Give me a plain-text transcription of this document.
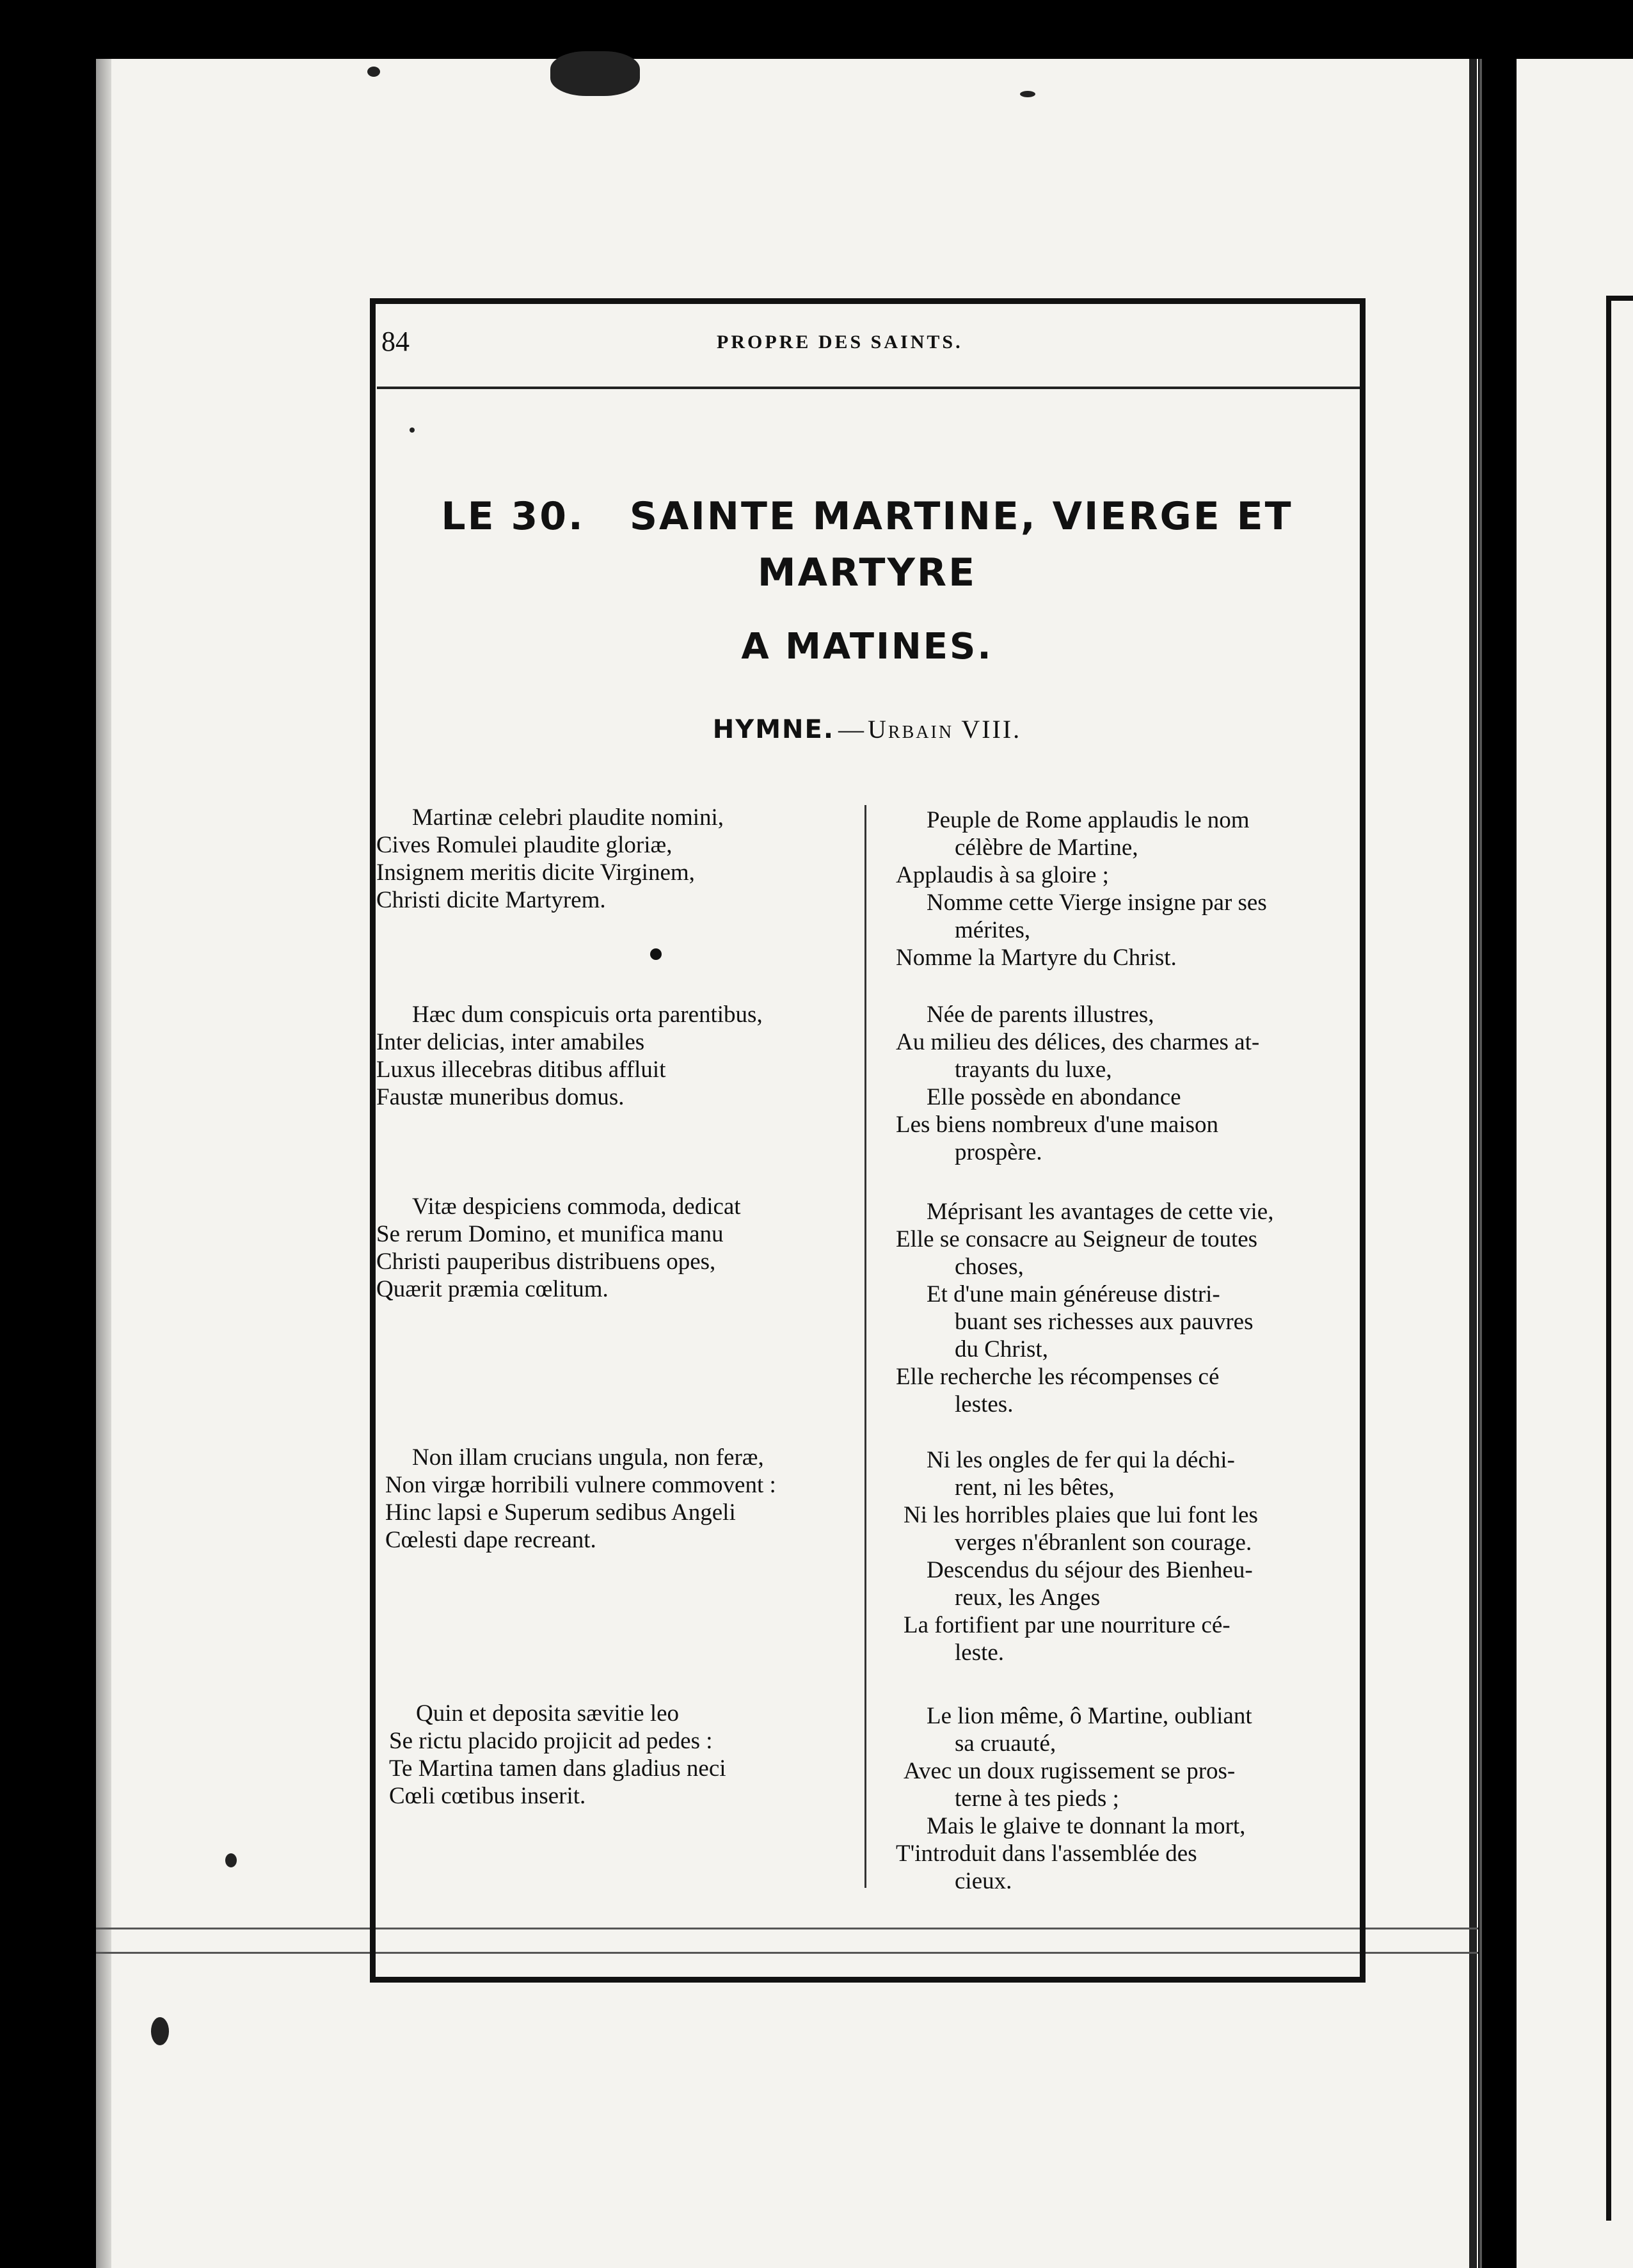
84	PROPRE DES SAINTS.
LE 30. SAINTE MARTINE, VIERGE ET
MARTYRE
A MATINES.
HYMNE. — Urbain VIII.
Martinæ celebri plaudite nomini,
Cives Romulei plaudite gloriæ,
Insignem meritis dicite Virginem,
Christi dicite Martyrem.
Peuple de Rome applaudis le nom
célèbre de Martine,
Applaudis à sa gloire ;
Nomme cette Vierge insigne par ses
mérites,
Nomme la Martyre du Christ.
Hæc dum conspicuis orta parentibus,
Inter delicias, inter amabiles
Luxus illecebras ditibus affluit
Faustæ muneribus domus.
Née de parents illustres,
Au milieu des délices, des charmes at-
trayants du luxe,
Elle possède en abondance
Les biens nombreux d'une maison
prospère.
Vitæ despiciens commoda, dedicat
Se rerum Domino, et munifica manu
Christi pauperibus distribuens opes,
Quærit præmia cœlitum.
Méprisant les avantages de cette vie,
Elle se consacre au Seigneur de toutes
choses,
Et d'une main généreuse distri-
buant ses richesses aux pauvres
du Christ,
Elle recherche les récompenses cé
lestes.
Non illam crucians ungula, non feræ,
Non virgæ horribili vulnere commovent :
Hinc lapsi e Superum sedibus Angeli
Cœlesti dape recreant.
Ni les ongles de fer qui la déchi-
rent, ni les bêtes,
Ni les horribles plaies que lui font les
verges n'ébranlent son courage.
Descendus du séjour des Bienheu-
reux, les Anges
La fortifient par une nourriture cé-
leste.
Quin et deposita sævitie leo
Se rictu placido projicit ad pedes :
Te Martina tamen dans gladius neci
Cœli cœtibus inserit.
Le lion même, ô Martine, oubliant
sa cruauté,
Avec un doux rugissement se pros-
terne à tes pieds ;
Mais le glaive te donnant la mort,
T'introduit dans l'assemblée des
cieux.
